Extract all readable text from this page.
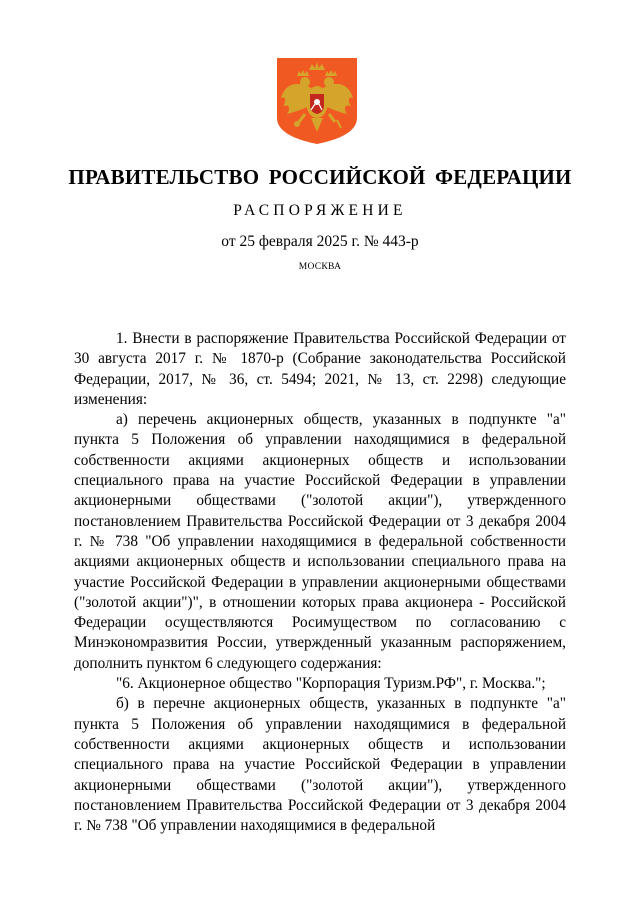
ПРАВИТЕЛЬСТВО РОССИЙСКОЙ ФЕДЕРАЦИИ
РАСПОРЯЖЕНИЕ
от 25 февраля 2025 г. № 443-р
МОСКВА

1. Внести в распоряжение Правительства Российской Федерации от 30 августа 2017 г. № 1870-р (Собрание законодательства Российской Федерации, 2017, № 36, ст. 5494; 2021, № 13, ст. 2298) следующие изменения:

а) перечень акционерных обществ, указанных в подпункте "а" пункта 5 Положения об управлении находящимися в федеральной собственности акциями акционерных обществ и использовании специального права на участие Российской Федерации в управлении акционерными обществами ("золотой акции"), утвержденного постановлением Правительства Российской Федерации от 3 декабря 2004 г. № 738 "Об управлении находящимися в федеральной собственности акциями акционерных обществ и использовании специального права на участие Российской Федерации в управлении акционерными обществами ("золотой акции")", в отношении которых права акционера - Российской Федерации осуществляются Росимуществом по согласованию с Минэкономразвития России, утвержденный указанным распоряжением, дополнить пунктом 6 следующего содержания:

"6. Акционерное общество "Корпорация Туризм.РФ", г. Москва.";

б) в перечне акционерных обществ, указанных в подпункте "а" пункта 5 Положения об управлении находящимися в федеральной собственности акциями акционерных обществ и использовании специального права на участие Российской Федерации в управлении акционерными обществами ("золотой акции"), утвержденного постановлением Правительства Российской Федерации от 3 декабря 2004 г. № 738 "Об управлении находящимися в федеральной
